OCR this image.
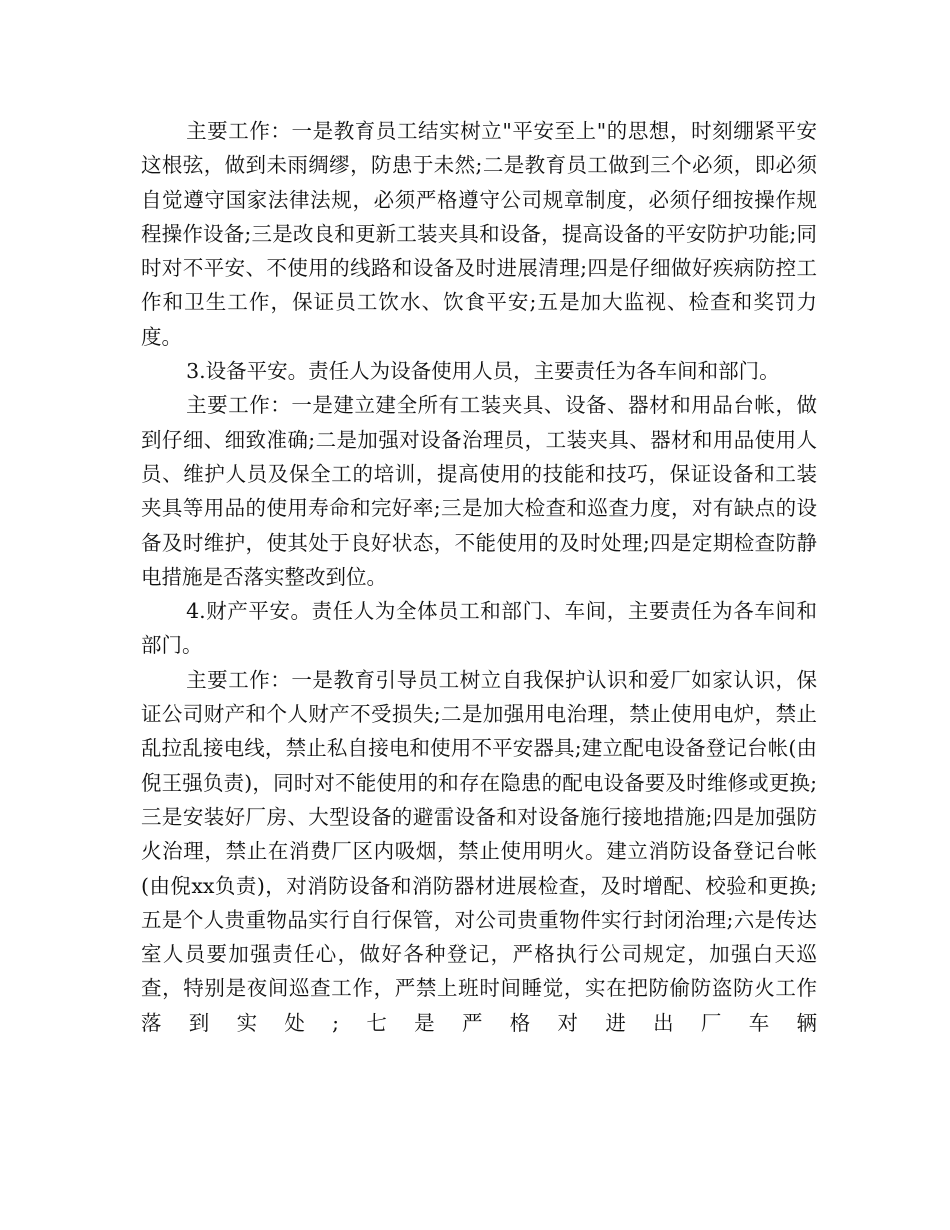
主要工作：一是教育员工结实树立"平安至上"的思想，时刻绷紧平安这根弦，做到未雨绸缪，防患于未然;二是教育员工做到三个必须，即必须自觉遵守国家法律法规，必须严格遵守公司规章制度，必须仔细按操作规程操作设备;三是改良和更新工装夹具和设备，提高设备的平安防护功能;同时对不平安、不使用的线路和设备及时进展清理;四是仔细做好疾病防控工作和卫生工作，保证员工饮水、饮食平安;五是加大监视、检查和奖罚力度。

3.设备平安。责任人为设备使用人员，主要责任为各车间和部门。

主要工作：一是建立建全所有工装夹具、设备、器材和用品台帐，做到仔细、细致准确;二是加强对设备治理员，工装夹具、器材和用品使用人员、维护人员及保全工的培训，提高使用的技能和技巧，保证设备和工装夹具等用品的使用寿命和完好率;三是加大检查和巡查力度，对有缺点的设备及时维护，使其处于良好状态，不能使用的及时处理;四是定期检查防静电措施是否落实整改到位。

4.财产平安。责任人为全体员工和部门、车间，主要责任为各车间和部门。

主要工作：一是教育引导员工树立自我保护认识和爱厂如家认识，保证公司财产和个人财产不受损失;二是加强用电治理，禁止使用电炉，禁止乱拉乱接电线，禁止私自接电和使用不平安器具;建立配电设备登记台帐(由倪王强负责)，同时对不能使用的和存在隐患的配电设备要及时维修或更换;三是安装好厂房、大型设备的避雷设备和对设备施行接地措施;四是加强防火治理，禁止在消费厂区内吸烟，禁止使用明火。建立消防设备登记台帐(由倪xx负责)，对消防设备和消防器材进展检查，及时增配、校验和更换;五是个人贵重物品实行自行保管，对公司贵重物件实行封闭治理;六是传达室人员要加强责任心，做好各种登记，严格执行公司规定，加强白天巡查，特别是夜间巡查工作，严禁上班时间睡觉，实在把防偷防盗防火工作落到实处;七是严格对进出厂车辆
